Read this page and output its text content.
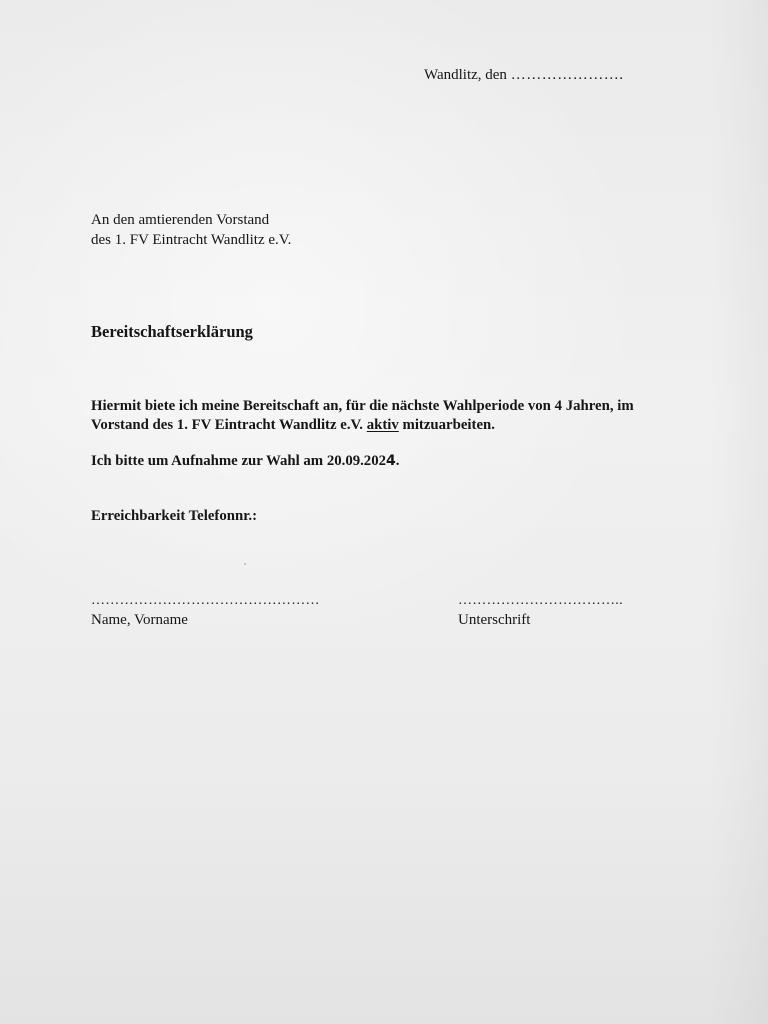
Wandlitz, den ………………….
An den amtierenden Vorstand
des 1. FV Eintracht Wandlitz e.V.
Bereitschaftserklärung
Hiermit biete ich meine Bereitschaft an, für die nächste Wahlperiode von 4 Jahren, im
Vorstand des 1. FV Eintracht Wandlitz e.V. aktiv mitzuarbeiten.
Ich bitte um Aufnahme zur Wahl am 20.09.2024.
Erreichbarkeit Telefonnr.:
…………………………………………
Name, Vorname
……………………………..
Unterschrift
